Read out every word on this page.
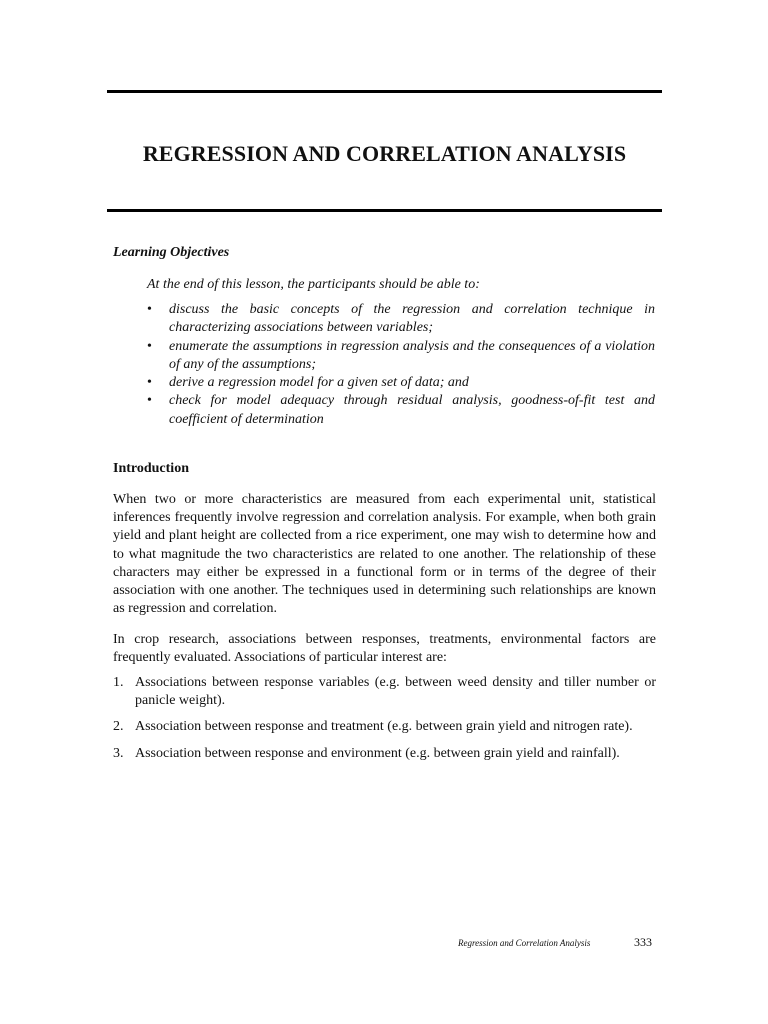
REGRESSION AND CORRELATION ANALYSIS
Learning Objectives
At the end of this lesson, the participants should be able to:
• discuss the basic concepts of the regression and correlation technique in characterizing associations between variables;
• enumerate the assumptions in regression analysis and the consequences of a violation of any of the assumptions;
• derive a regression model for a given set of data; and
• check for model adequacy through residual analysis, goodness-of-fit test and coefficient of determination
Introduction

When two or more characteristics are measured from each experimental unit, statistical inferences frequently involve regression and correlation analysis. For example, when both grain yield and plant height are collected from a rice experiment, one may wish to determine how and to what magnitude the two characteristics are related to one another. The relationship of these characters may either be expressed in a functional form or in terms of the degree of their association with one another. The techniques used in determining such relationships are known as regression and correlation.

In crop research, associations between responses, treatments, environmental factors are frequently evaluated. Associations of particular interest are:

1. Associations between response variables (e.g. between weed density and tiller number or panicle weight).
2. Association between response and treatment (e.g. between grain yield and nitrogen rate).
3. Association between response and environment (e.g. between grain yield and rainfall).
Regression and Correlation Analysis	333
